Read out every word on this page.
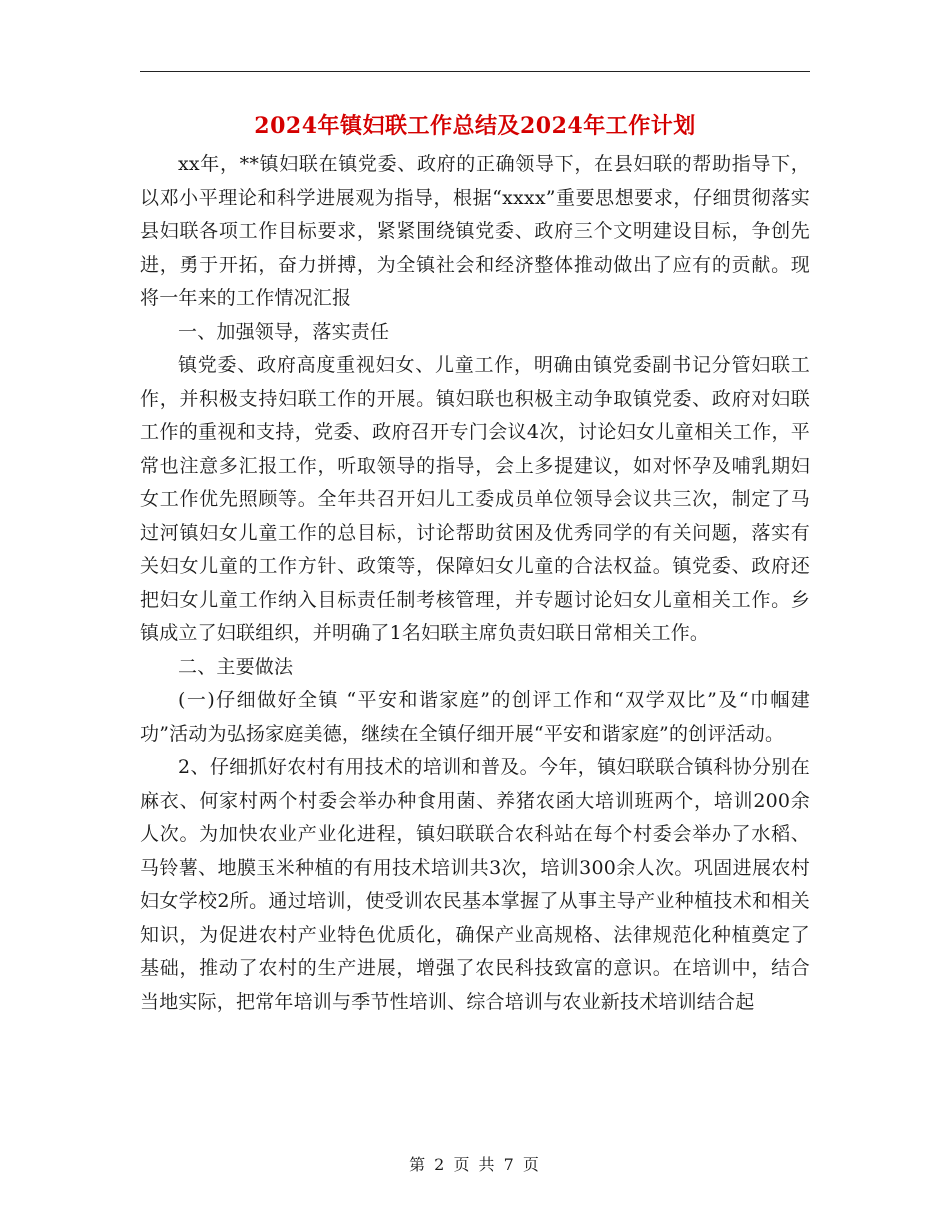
2024年镇妇联工作总结及2024年工作计划

xx年，**镇妇联在镇党委、政府的正确领导下，在县妇联的帮助指导下，以邓小平理论和科学进展观为指导，根据“xxxx”重要思想要求，仔细贯彻落实县妇联各项工作目标要求，紧紧围绕镇党委、政府三个文明建设目标，争创先进，勇于开拓，奋力拼搏，为全镇社会和经济整体推动做出了应有的贡献。现将一年来的工作情况汇报

一、加强领导，落实责任

镇党委、政府高度重视妇女、儿童工作，明确由镇党委副书记分管妇联工作，并积极支持妇联工作的开展。镇妇联也积极主动争取镇党委、政府对妇联工作的重视和支持，党委、政府召开专门会议4次，讨论妇女儿童相关工作，平常也注意多汇报工作，听取领导的指导，会上多提建议，如对怀孕及哺乳期妇女工作优先照顾等。全年共召开妇儿工委成员单位领导会议共三次，制定了马过河镇妇女儿童工作的总目标，讨论帮助贫困及优秀同学的有关问题，落实有关妇女儿童的工作方针、政策等，保障妇女儿童的合法权益。镇党委、政府还把妇女儿童工作纳入目标责任制考核管理，并专题讨论妇女儿童相关工作。乡镇成立了妇联组织，并明确了1名妇联主席负责妇联日常相关工作。

二、主要做法

(一)仔细做好全镇 “平安和谐家庭”的创评工作和“双学双比”及“巾帼建功”活动为弘扬家庭美德，继续在全镇仔细开展“平安和谐家庭”的创评活动。

2、仔细抓好农村有用技术的培训和普及。今年，镇妇联联合镇科协分别在麻衣、何家村两个村委会举办种食用菌、养猪农函大培训班两个，培训200余人次。为加快农业产业化进程，镇妇联联合农科站在每个村委会举办了水稻、马铃薯、地膜玉米种植的有用技术培训共3次，培训300余人次。巩固进展农村妇女学校2所。通过培训，使受训农民基本掌握了从事主导产业种植技术和相关知识，为促进农村产业特色优质化，确保产业高规格、法律规范化种植奠定了基础，推动了农村的生产进展，增强了农民科技致富的意识。在培训中，结合当地实际，把常年培训与季节性培训、综合培训与农业新技术培训结合起

第 2 页 共 7 页
